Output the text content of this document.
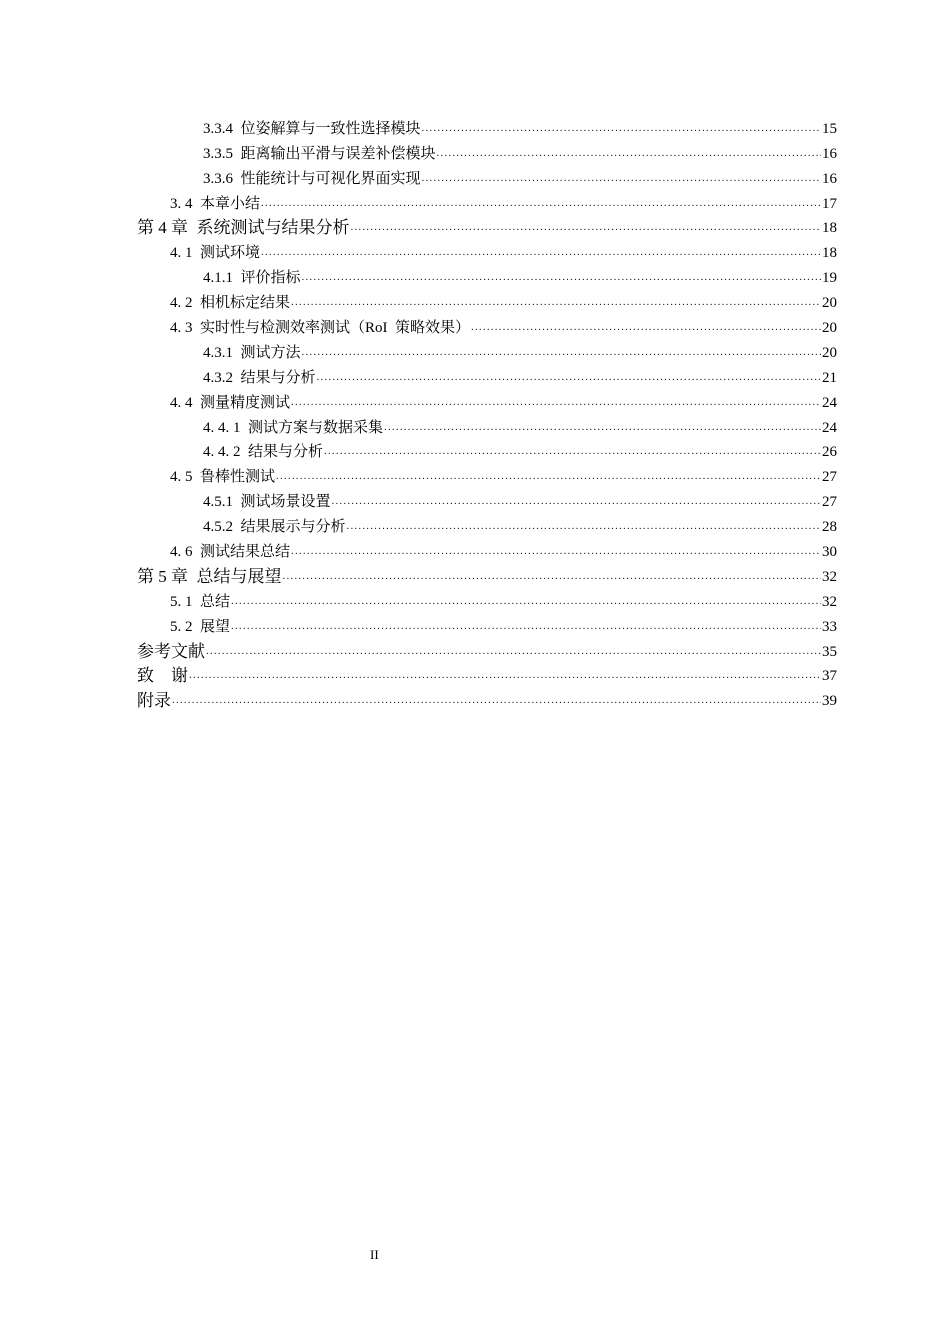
3.3.4  位姿解算与一致性选择模块 .....	15
3.3.5  距离输出平滑与误差补偿模块 .....	16
3.3.6  性能统计与可视化界面实现 .....	16
3. 4  本章小结 .....	17
第 4 章  系统测试与结果分析 .....	18
4. 1  测试环境 .....	18
4.1.1  评价指标 .....	19
4. 2  相机标定结果 .....	20
4. 3  实时性与检测效率测试（RoI  策略效果） .....	20
4.3.1  测试方法 .....	20
4.3.2  结果与分析 .....	21
4. 4  测量精度测试 .....	24
4. 4. 1  测试方案与数据采集 .....	24
4. 4. 2  结果与分析 .....	26
4. 5  鲁棒性测试 .....	27
4.5.1  测试场景设置 .....	27
4.5.2  结果展示与分析 .....	28
4. 6  测试结果总结 .....	30
第 5 章  总结与展望 .....	32
5. 1  总结 .....	32
5. 2  展望 .....	33
参考文献 .....	35
致    谢 .....	37
附录 .....	39
II
